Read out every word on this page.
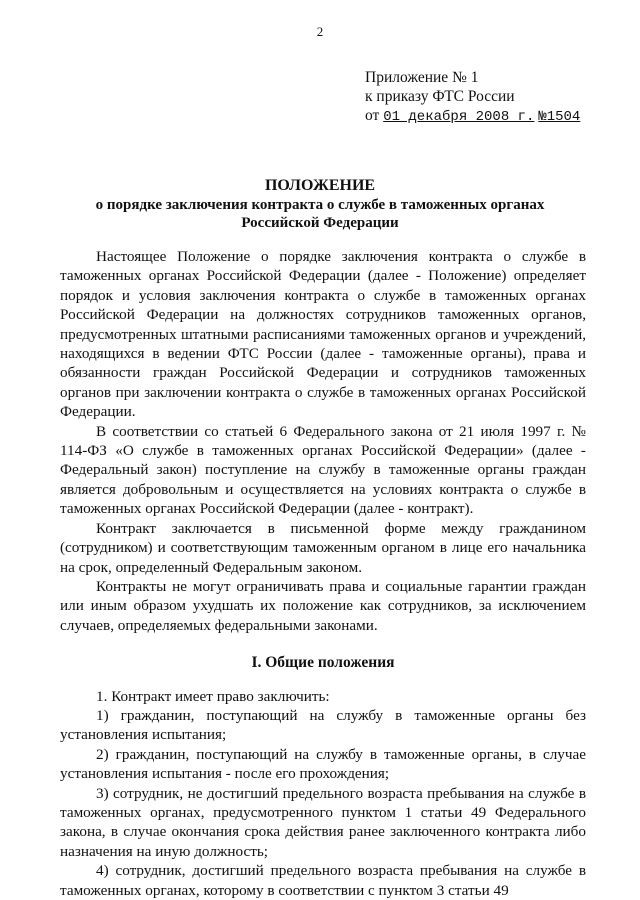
2
Приложение № 1
к приказу ФТС России
от 01 декабря 2008 г. №1504
ПОЛОЖЕНИЕ
о порядке заключения контракта о службе в таможенных органах
Российской Федерации

Настоящее Положение о порядке заключения контракта о службе в таможенных органах Российской Федерации (далее - Положение) определяет порядок и условия заключения контракта о службе в таможенных органах Российской Федерации на должностях сотрудников таможенных органов, предусмотренных штатными расписаниями таможенных органов и учреждений, находящихся в ведении ФТС России (далее - таможенные органы), права и обязанности граждан Российской Федерации и сотрудников таможенных органов при заключении контракта о службе в таможенных органах Российской Федерации.

В соответствии со статьей 6 Федерального закона от 21 июля 1997 г. № 114-ФЗ «О службе в таможенных органах Российской Федерации» (далее - Федеральный закон) поступление на службу в таможенные органы граждан является добровольным и осуществляется на условиях контракта о службе в таможенных органах Российской Федерации (далее - контракт).

Контракт заключается в письменной форме между гражданином (сотрудником) и соответствующим таможенным органом в лице его начальника на срок, определенный Федеральным законом.

Контракты не могут ограничивать права и социальные гарантии граждан или иным образом ухудшать их положение как сотрудников, за исключением случаев, определяемых федеральными законами.

I. Общие положения

1. Контракт имеет право заключить:

1) гражданин, поступающий на службу в таможенные органы без установления испытания;

2) гражданин, поступающий на службу в таможенные органы, в случае установления испытания - после его прохождения;

3) сотрудник, не достигший предельного возраста пребывания на службе в таможенных органах, предусмотренного пунктом 1 статьи 49 Федерального закона, в случае окончания срока действия ранее заключенного контракта либо назначения на иную должность;

4) сотрудник, достигший предельного возраста пребывания на службе в таможенных органах, которому в соответствии с пунктом 3 статьи 49
